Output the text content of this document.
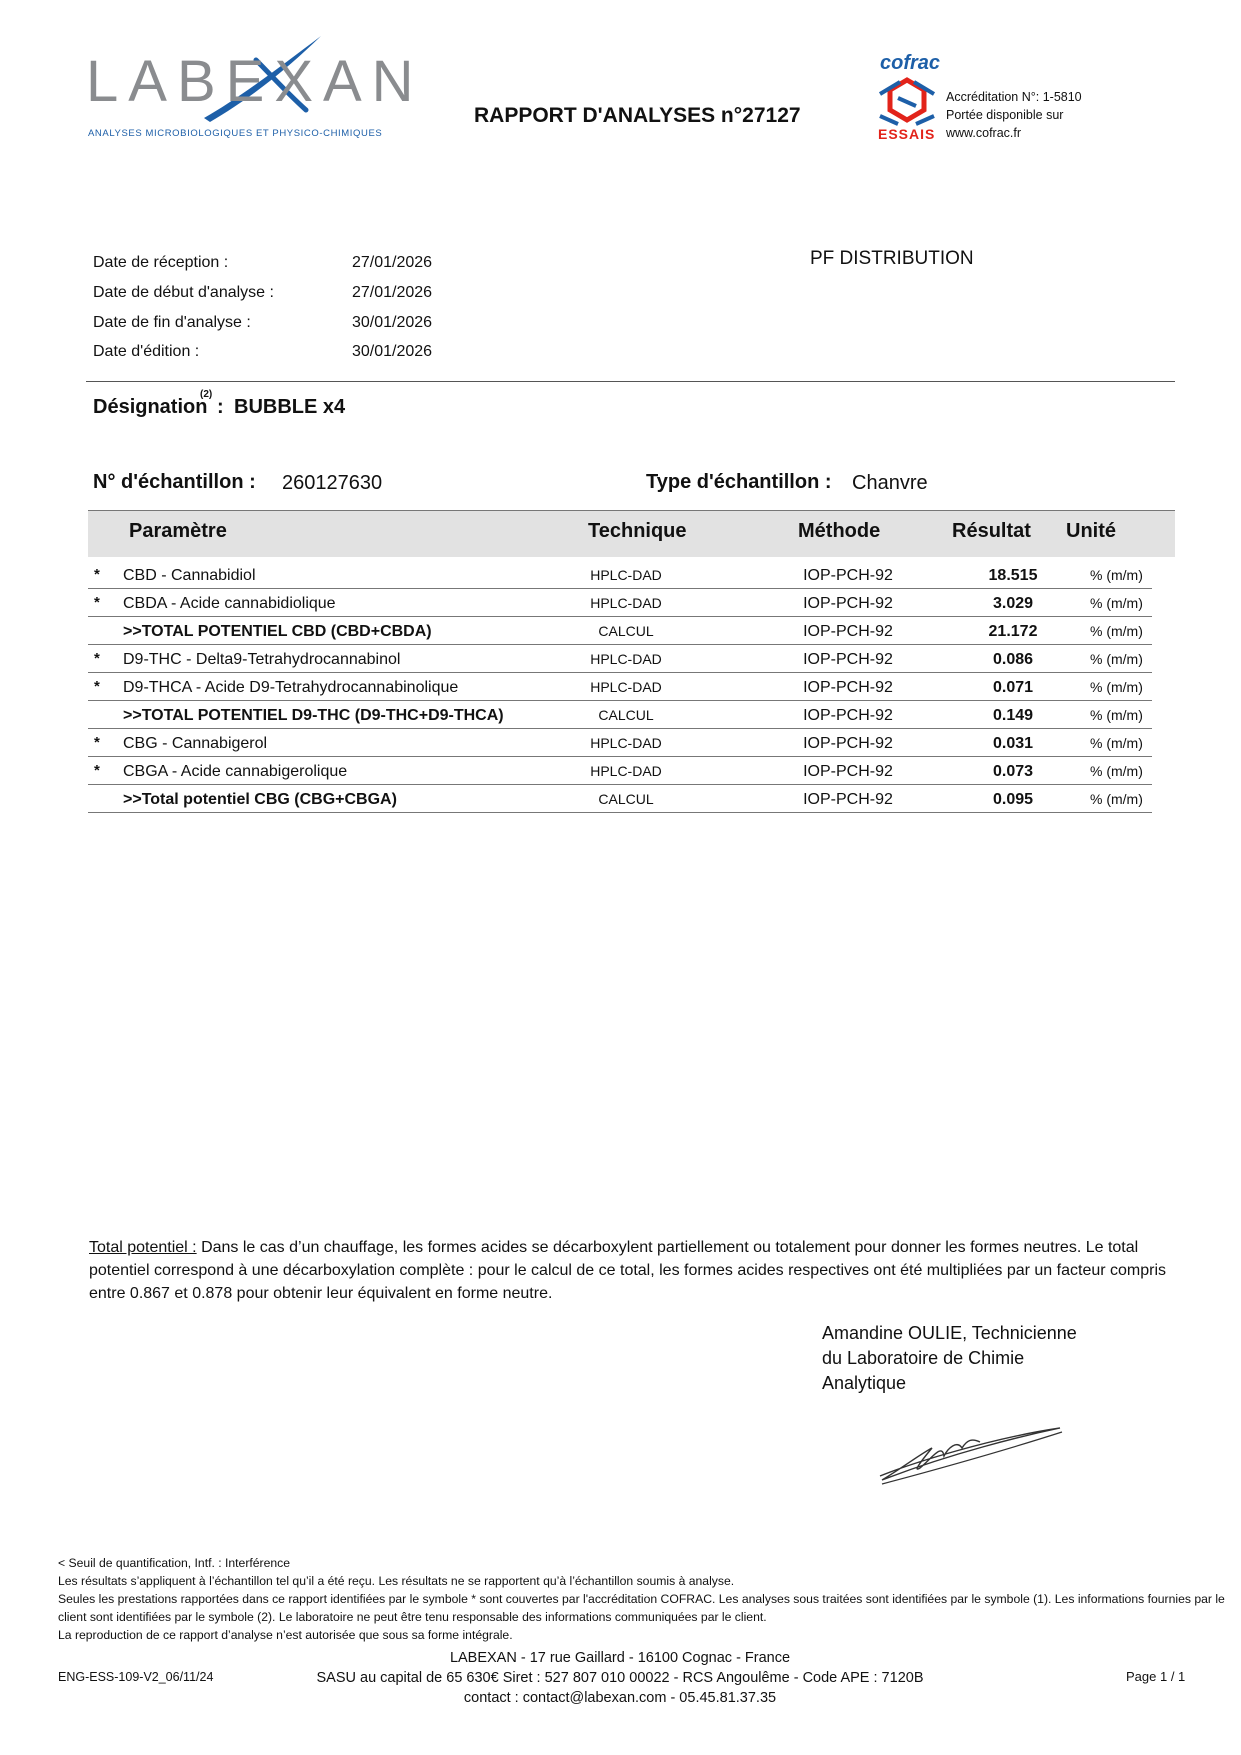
LABEXAN
ANALYSES MICROBIOLOGIQUES ET PHYSICO-CHIMIQUES
RAPPORT D'ANALYSES n°27127
cofrac
ESSAIS
Accréditation N°: 1-5810
Portée disponible sur
www.cofrac.fr
Date de réception :	27/01/2026
Date de début d'analyse :	27/01/2026
Date de fin d'analyse :	30/01/2026
Date d'édition :	30/01/2026
PF DISTRIBUTION
Désignation :
(2)
BUBBLE x4
N° d'échantillon : 260127630	Type d'échantillon : Chanvre
Paramètre	Technique	Méthode	Résultat Unité
* CBD - Cannabidiol	HPLC-DAD	IOP-PCH-92	18.515	% (m/m)
* CBDA - Acide cannabidiolique	HPLC-DAD	IOP-PCH-92	3.029	% (m/m)
>>TOTAL POTENTIEL CBD (CBD+CBDA)	CALCUL	IOP-PCH-92	21.172	% (m/m)
* D9-THC - Delta9-Tetrahydrocannabinol	HPLC-DAD	IOP-PCH-92	0.086	% (m/m)
* D9-THCA - Acide D9-Tetrahydrocannabinolique	HPLC-DAD	IOP-PCH-92	0.071	% (m/m)
>>TOTAL POTENTIEL D9-THC (D9-THC+D9-THCA)	CALCUL	IOP-PCH-92	0.149	% (m/m)
* CBG - Cannabigerol	HPLC-DAD	IOP-PCH-92	0.031	% (m/m)
* CBGA - Acide cannabigerolique	HPLC-DAD	IOP-PCH-92	0.073	% (m/m)
>>Total potentiel CBG (CBG+CBGA)	CALCUL	IOP-PCH-92	0.095	% (m/m)
Total potentiel : Dans le cas d’un chauffage, les formes acides se décarboxylent partiellement ou totalement pour donner les formes neutres. Le total potentiel correspond à une décarboxylation complète : pour le calcul de ce total, les formes acides respectives ont été multipliées par un facteur compris entre 0.867 et 0.878 pour obtenir leur équivalent en forme neutre.
Amandine OULIE, Technicienne
du Laboratoire de Chimie
Analytique
< Seuil de quantification, Intf. : Interférence
Les résultats s’appliquent à l’échantillon tel qu’il a été reçu. Les résultats ne se rapportent qu’à l’échantillon soumis à analyse.
Seules les prestations rapportées dans ce rapport identifiées par le symbole * sont couvertes par l'accréditation COFRAC. Les analyses sous traitées sont identifiées par le symbole (1). Les informations fournies par le client sont identifiées par le symbole (2). Le laboratoire ne peut être tenu responsable des informations communiquées par le client.
La reproduction de ce rapport d’analyse n’est autorisée que sous sa forme intégrale.
ENG-ESS-109-V2_06/11/24
LABEXAN - 17 rue Gaillard - 16100 Cognac - France
SASU au capital de 65 630€ Siret : 527 807 010 00022 - RCS Angoulême - Code APE : 7120B
contact : contact@labexan.com - 05.45.81.37.35
Page 1 / 1
